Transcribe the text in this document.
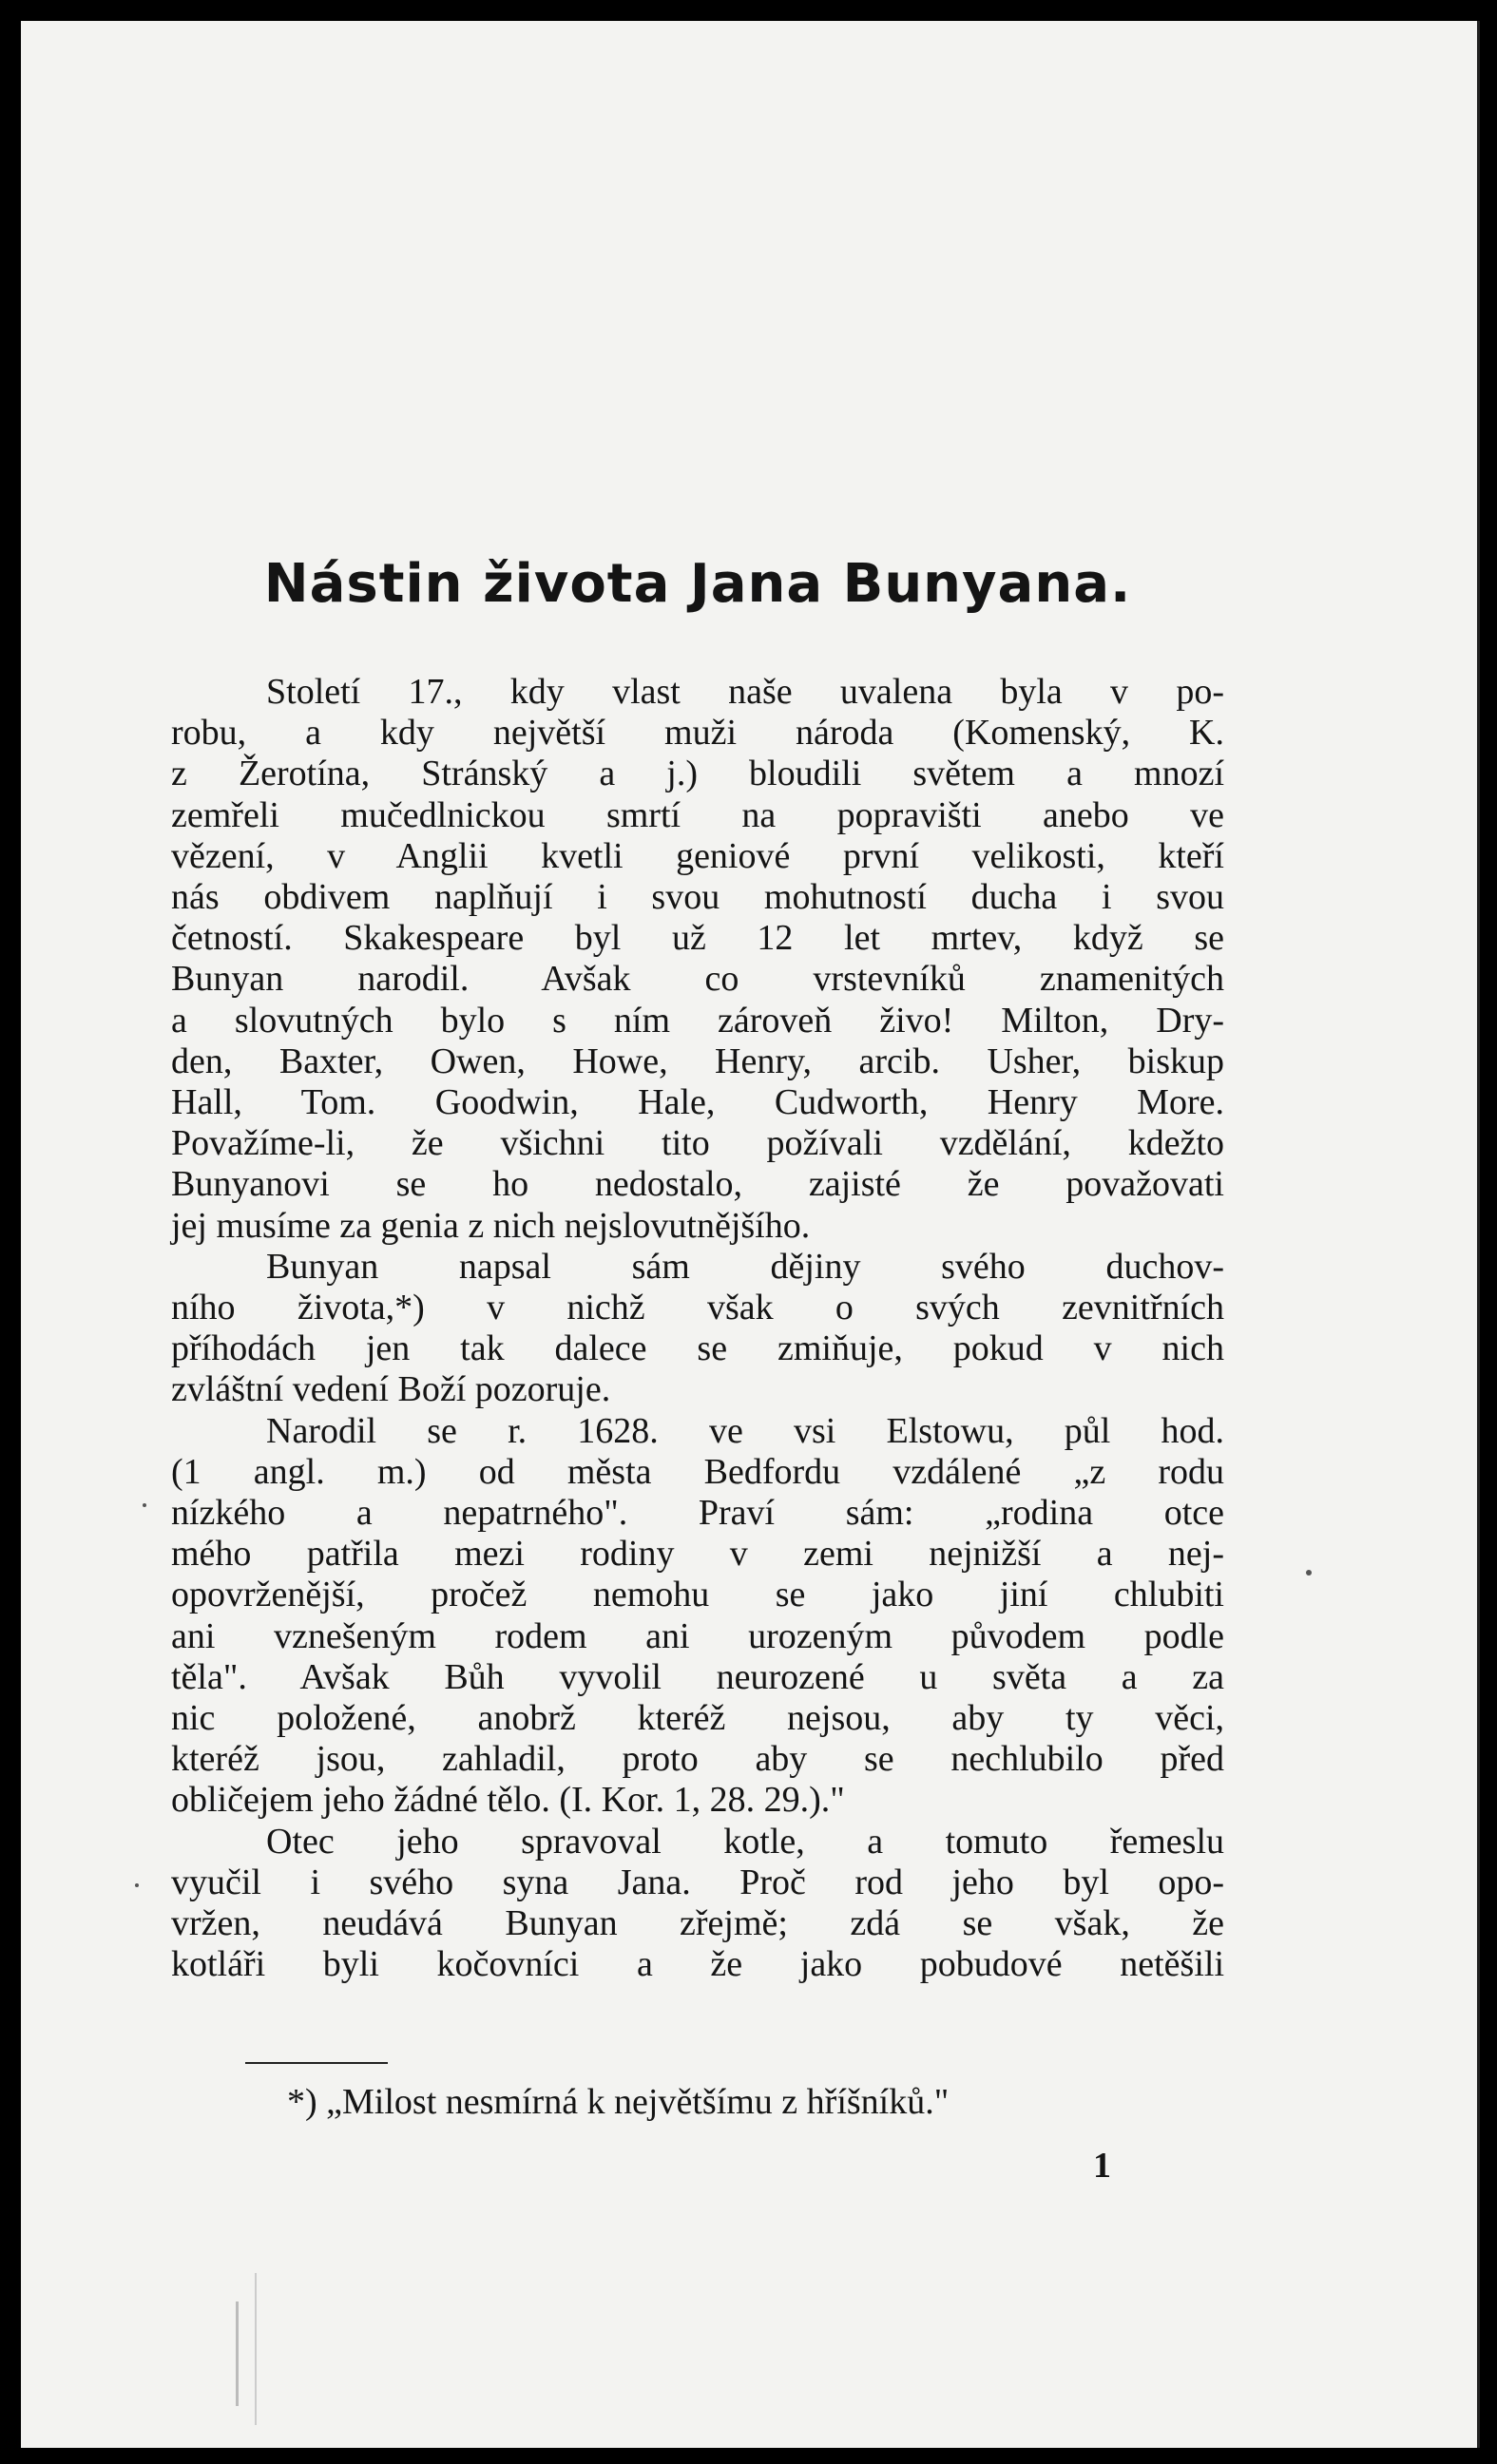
Nástin života Jana Bunyana.

Století 17., kdy vlast naše uvalena byla v po-
robu, a kdy největší muži národa (Komenský, K.
z Žerotína, Stránský a j.) bloudili světem a mnozí
zemřeli mučedlnickou smrtí na popravišti anebo ve
vězení, v Anglii kvetli geniové první velikosti, kteří
nás obdivem naplňují i svou mohutností ducha i svou
četností. Skakespeare byl už 12 let mrtev, když se
Bunyan narodil. Avšak co vrstevníků znamenitých
a slovutných bylo s ním zároveň živo! Milton, Dry-
den, Baxter, Owen, Howe, Henry, arcib. Usher, biskup
Hall, Tom. Goodwin, Hale, Cudworth, Henry More.
Považíme-li, že všichni tito požívali vzdělání, kdežto
Bunyanovi se ho nedostalo, zajisté že považovati
jej musíme za genia z nich nejslovutnějšího.

Bunyan napsal sám dějiny svého duchov-
ního života,*) v nichž však o svých zevnitřních
příhodách jen tak dalece se zmiňuje, pokud v nich
zvláštní vedení Boží pozoruje.

Narodil se r. 1628. ve vsi Elstowu, půl hod.
(1 angl. m.) od města Bedfordu vzdálené „z rodu
nízkého a nepatrného". Praví sám: „rodina otce
mého patřila mezi rodiny v zemi nejnižší a nej-
opovrženější, pročež nemohu se jako jiní chlubiti
ani vznešeným rodem ani urozeným původem podle
těla". Avšak Bůh vyvolil neurozené u světa a za
nic položené, anobrž kteréž nejsou, aby ty věci,
kteréž jsou, zahladil, proto aby se nechlubilo před
obličejem jeho žádné tělo. (I. Kor. 1, 28. 29.)."

Otec jeho spravoval kotle, a tomuto řemeslu
vyučil i svého syna Jana. Proč rod jeho byl opo-
vržen, neudává Bunyan zřejmě; zdá se však, že
kotláři byli kočovníci a že jako pobudové netěšili

*) „Milost nesmírná k největšímu z hříšníků."
1
